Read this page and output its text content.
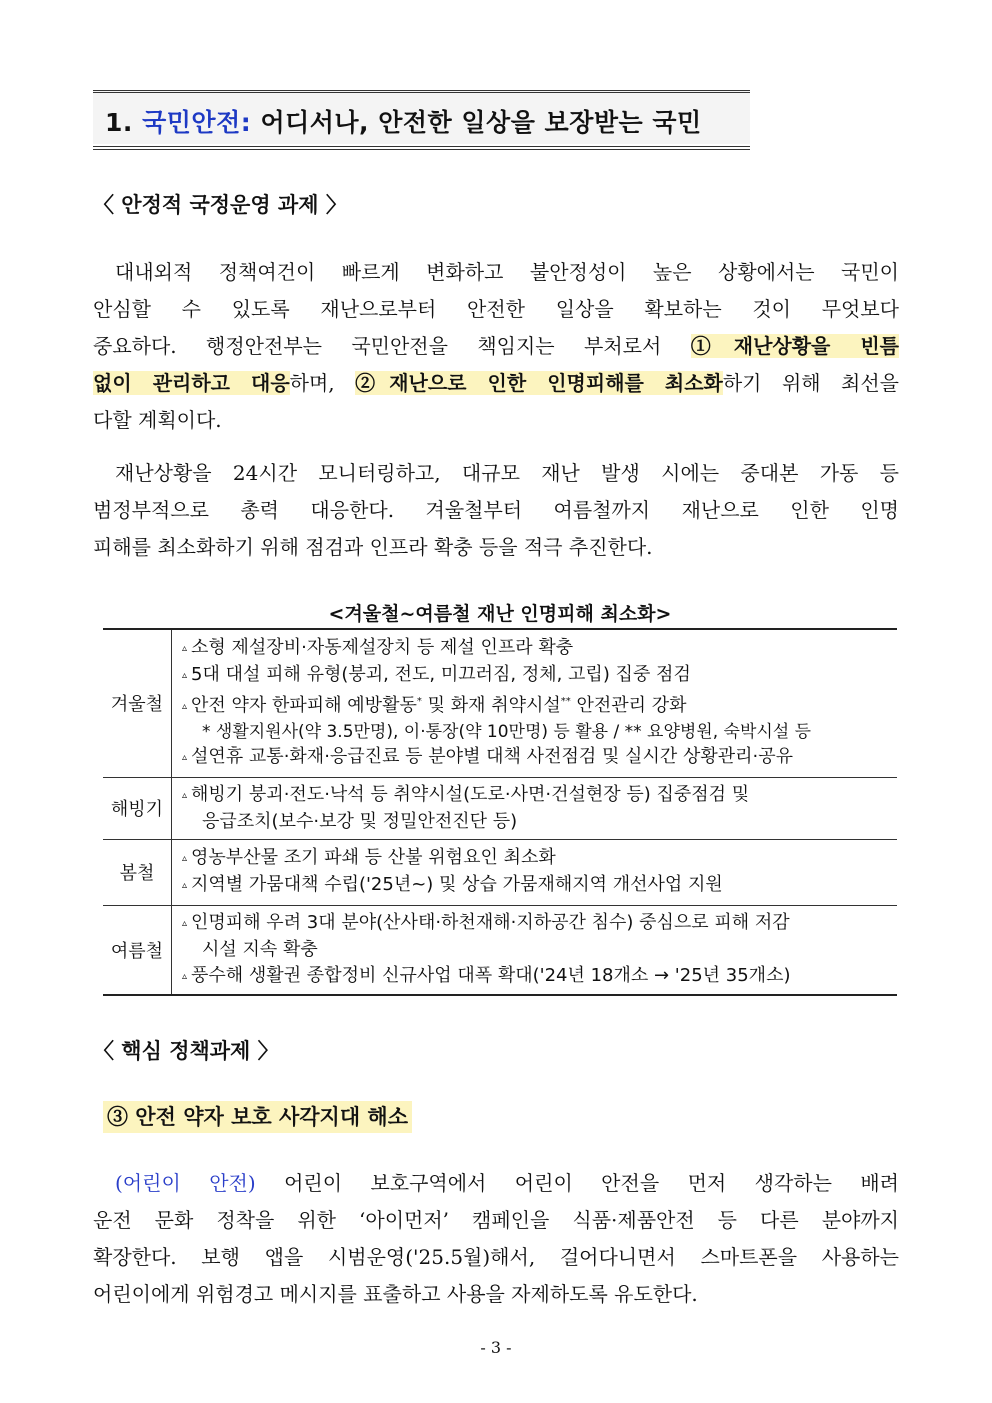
1. 국민안전: 어디서나, 안전한 일상을 보장받는 국민
〈 안정적 국정운영 과제 〉
대내외적 정책여건이 빠르게 변화하고 불안정성이 높은 상황에서는 국민이
안심할 수 있도록 재난으로부터 안전한 일상을 확보하는 것이 무엇보다
중요하다. 행정안전부는 국민안전을 책임지는 부처로서 ①재난상황을 빈틈
없이 관리하고 대응하며, ②재난으로 인한 인명피해를 최소화하기 위해 최선을
다할 계획이다.
재난상황을 24시간 모니터링하고, 대규모 재난 발생 시에는 중대본 가동 등
범정부적으로 총력 대응한다. 겨울철부터 여름철까지 재난으로 인한 인명
피해를 최소화하기 위해 점검과 인프라 확충 등을 적극 추진한다.
<겨울철~여름철 재난 인명피해 최소화>
겨울철	▵ 소형 제설장비·자동제설장치 등 제설 인프라 확충
▵ 5대 대설 피해 유형(붕괴, 전도, 미끄러짐, 정체, 고립) 집중 점검
▵ 안전 약자 한파피해 예방활동* 및 화재 취약시설** 안전관리 강화
* 생활지원사(약 3.5만명), 이·통장(약 10만명) 등 활용 / ** 요양병원, 숙박시설 등
▵ 설연휴 교통·화재·응급진료 등 분야별 대책 사전점검 및 실시간 상황관리·공유

해빙기	▵ 해빙기 붕괴·전도·낙석 등 취약시설(도로·사면·건설현장 등) 집중점검 및
응급조치(보수·보강 및 정밀안전진단 등)

봄철	▵ 영농부산물 조기 파쇄 등 산불 위험요인 최소화
▵ 지역별 가뭄대책 수립('25년~) 및 상습 가뭄재해지역 개선사업 지원

여름철	▵ 인명피해 우려 3대 분야(산사태·하천재해·지하공간 침수) 중심으로 피해 저감
시설 지속 확충
▵ 풍수해 생활권 종합정비 신규사업 대폭 확대('24년 18개소 → '25년 35개소)
〈 핵심 정책과제 〉
③ 안전 약자 보호 사각지대 해소
(어린이 안전) 어린이 보호구역에서 어린이 안전을 먼저 생각하는 배려
운전 문화 정착을 위한 ‘아이먼저’ 캠페인을 식품·제품안전 등 다른 분야까지
확장한다. 보행 앱을 시범운영('25.5월)해서, 걸어다니면서 스마트폰을 사용하는
어린이에게 위험경고 메시지를 표출하고 사용을 자제하도록 유도한다.
- 3 -
